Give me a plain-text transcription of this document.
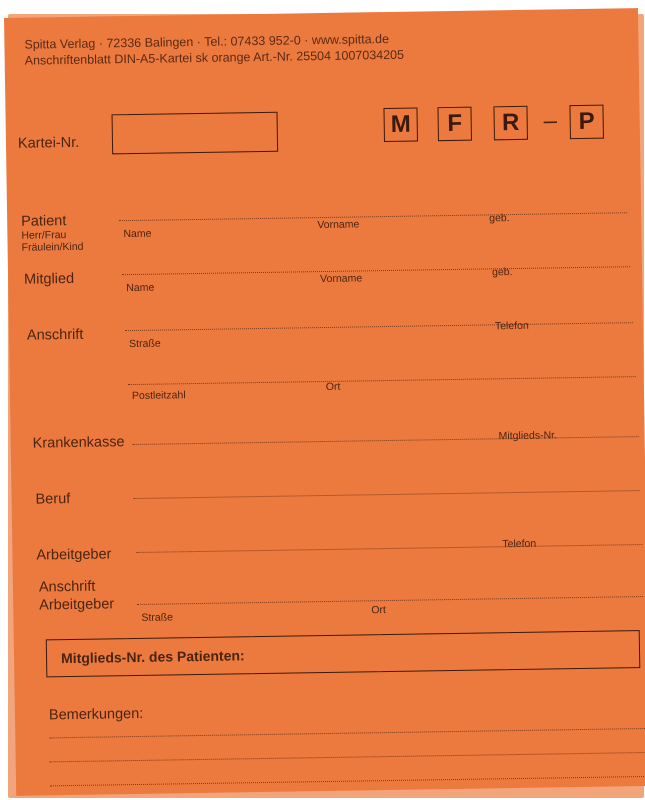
Spitta Verlag · 72336 Balingen · Tel.: 07433 952-0 · www.spitta.de
Anschriftenblatt DIN-A5-Kartei sk orange Art.-Nr. 25504 1007034205
Kartei-Nr.
M	F	R – P
Patient
Herr/Frau
Fräulein/Kind
Name
Vorname
geb.
Mitglied
Name
Vorname
geb.
Anschrift
Straße
Telefon
Postleitzahl
Ort
Krankenkasse	Mitglieds-Nr.
Beruf
Arbeitgeber
Telefon
Anschrift
Arbeitgeber
Straße
Ort
Mitglieds-Nr. des Patienten:
Bemerkungen:
